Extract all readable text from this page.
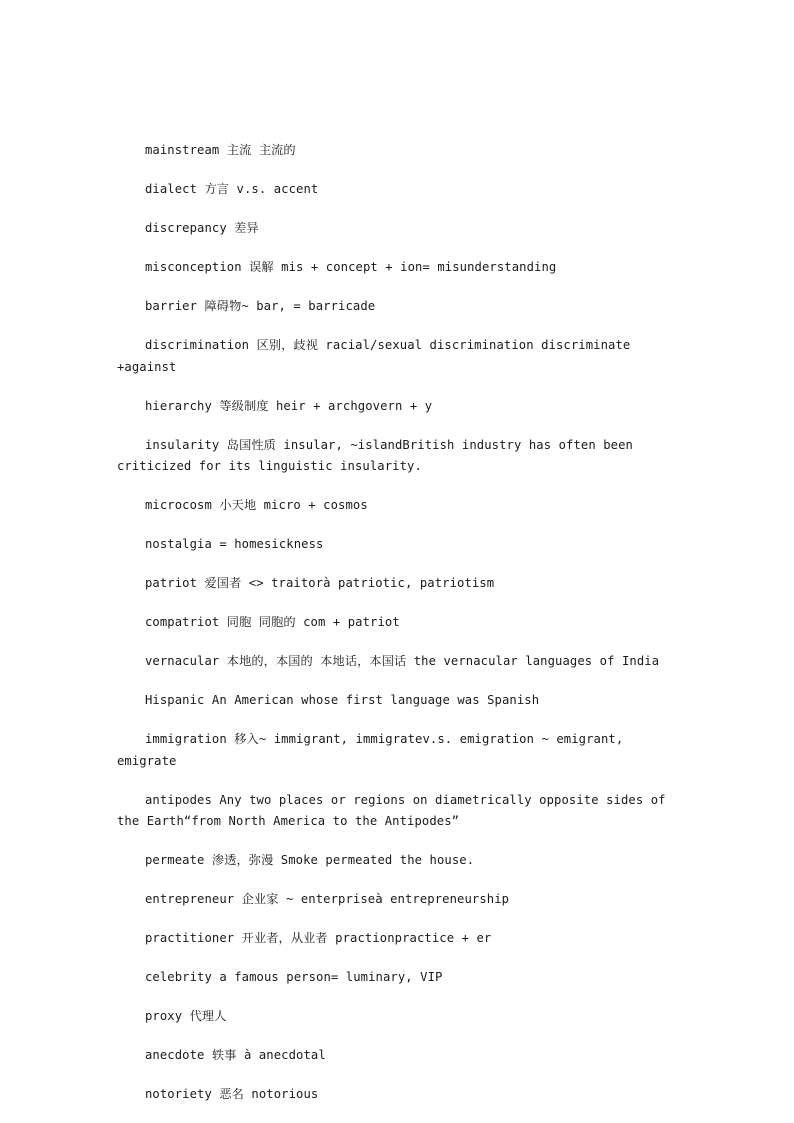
mainstream 主流 主流的

dialect 方言 v.s. accent

discrepancy 差异

misconception 误解 mis + concept + ion= misunderstanding

barrier 障碍物~ bar, = barricade

discrimination 区别，歧视 racial/sexual discrimination discriminate +against

hierarchy 等级制度 heir + archgovern + y

insularity 岛国性质 insular, ~islandBritish industry has often been criticized for its linguistic insularity.

microcosm 小天地 micro + cosmos

nostalgia = homesickness

patriot 爱国者 <> traitorà patriotic, patriotism

compatriot 同胞 同胞的 com + patriot

vernacular 本地的，本国的 本地话，本国话 the vernacular languages of India

Hispanic An American whose first language was Spanish

immigration 移入~ immigrant, immigratev.s. emigration ~ emigrant, emigrate

antipodes Any two places or regions on diametrically opposite sides of the Earth“from North America to the Antipodes”

permeate 渗透，弥漫 Smoke permeated the house.

entrepreneur 企业家 ~ enterpriseà entrepreneurship

practitioner 开业者，从业者 practionpractice + er

celebrity a famous person= luminary, VIP

proxy 代理人

anecdote 轶事 à anecdotal

notoriety 恶名 notorious
